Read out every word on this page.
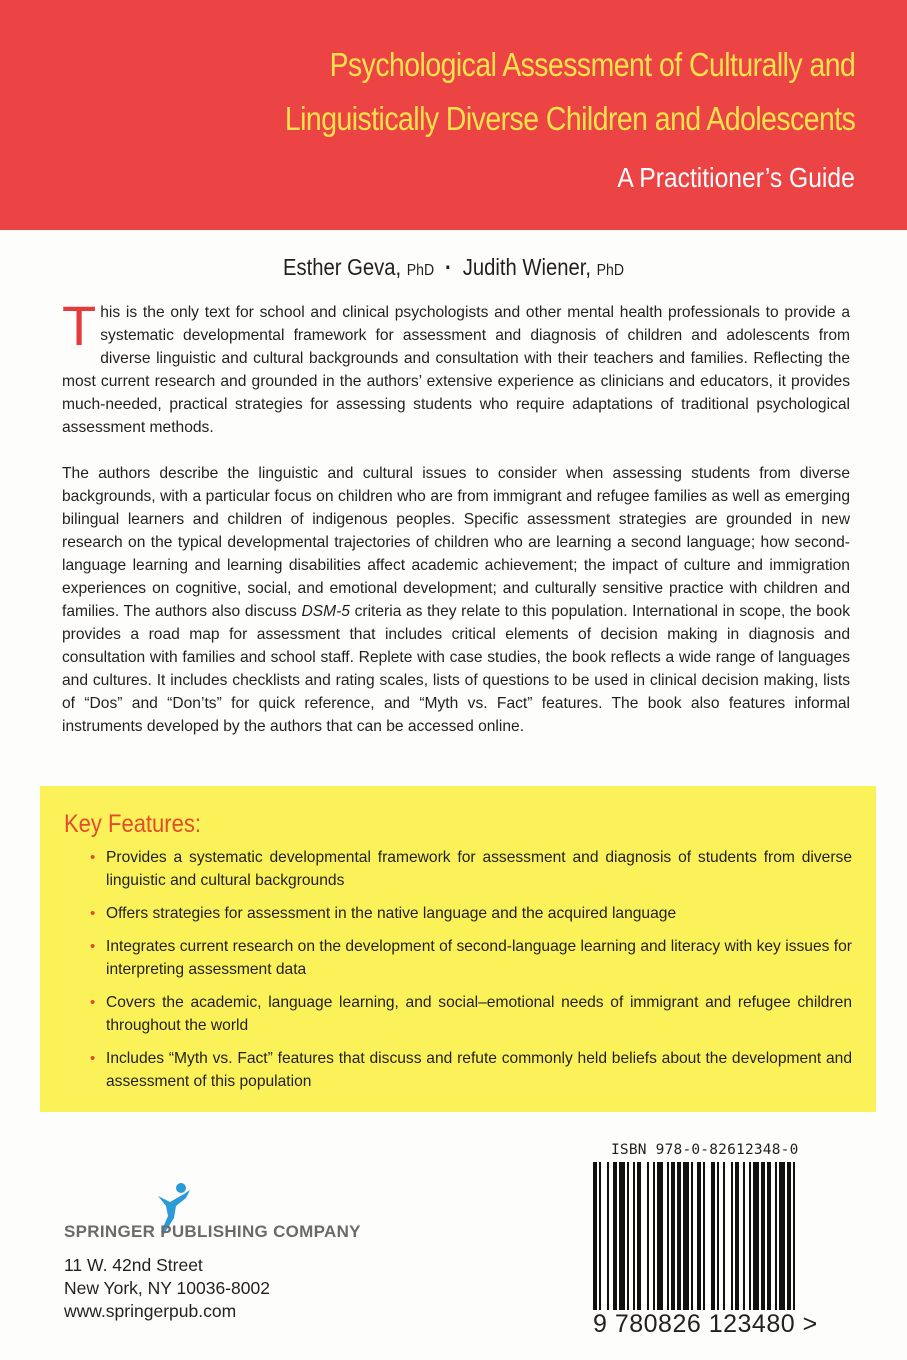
Psychological Assessment of Culturally and
Linguistically Diverse Children and Adolescents
A Practitioner’s Guide
Esther Geva, PhD · Judith Wiener, PhD

This is the only text for school and clinical psychologists and other mental health professionals to provide a systematic developmental framework for assessment and diagnosis of children and adolescents from diverse linguistic and cultural backgrounds and consultation with their teachers and families. Reflecting the most current research and grounded in the authors’ extensive experience as clinicians and educators, it provides much-needed, practical strategies for assessing students who require adaptations of traditional psychological assessment methods.

The authors describe the linguistic and cultural issues to consider when assessing students from diverse backgrounds, with a particular focus on children who are from immigrant and refugee families as well as emerging bilingual learners and children of indigenous peoples. Specific assessment strategies are grounded in new research on the typical developmental trajectories of children who are learning a second language; how second-language learning and learning disabilities affect academic achievement; the impact of culture and immigration experiences on cognitive, social, and emotional development; and culturally sensitive practice with children and families. The authors also discuss DSM-5 criteria as they relate to this population. International in scope, the book provides a road map for assessment that includes critical elements of decision making in diagnosis and consultation with families and school staff. Replete with case studies, the book reflects a wide range of languages and cultures. It includes checklists and rating scales, lists of questions to be used in clinical decision making, lists of “Dos” and “Don’ts” for quick reference, and “Myth vs. Fact” features. The book also features informal instruments developed by the authors that can be accessed online.

Key Features:
• Provides a systematic developmental framework for assessment and diagnosis of students from diverse linguistic and cultural backgrounds
• Offers strategies for assessment in the native language and the acquired language
• Integrates current research on the development of second-language learning and literacy with key issues for interpreting assessment data
• Covers the academic, language learning, and social–emotional needs of immigrant and refugee children throughout the world
• Includes “Myth vs. Fact” features that discuss and refute commonly held beliefs about the development and assessment of this population
SPRINGER PUBLISHING COMPANY
11 W. 42nd Street
New York, NY 10036-8002
www.springerpub.com
ISBN 978-0-82612348-0
9 780826 123480 >
